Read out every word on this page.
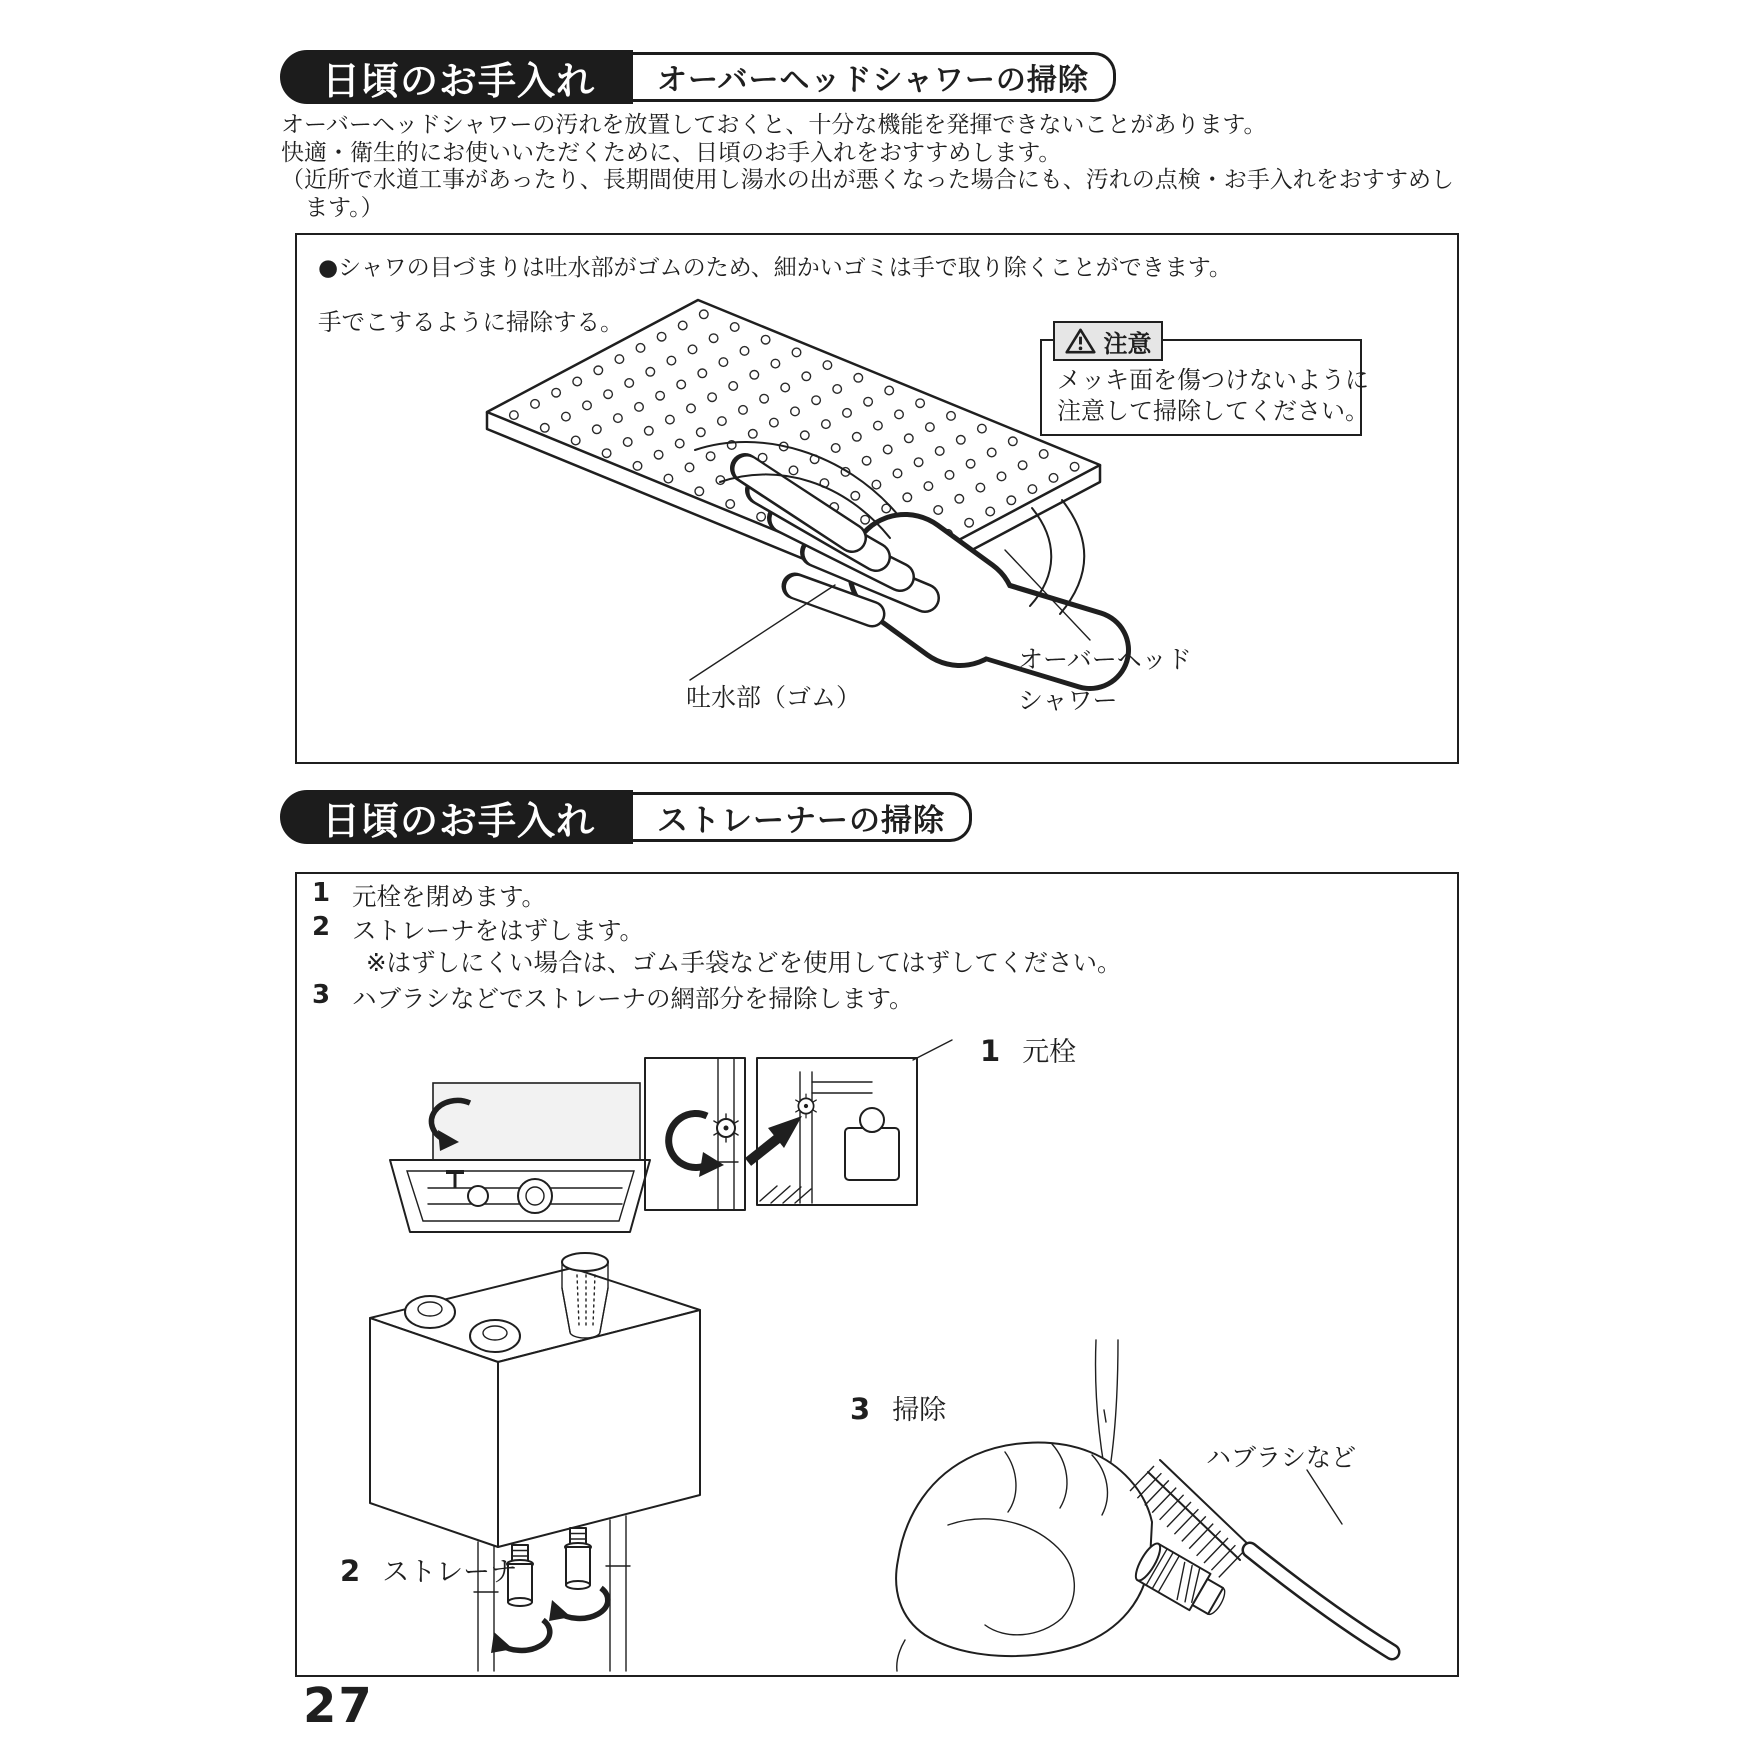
日頃のお手入れ	オーバーヘッドシャワーの掃除
オーバーヘッドシャワーの汚れを放置しておくと、十分な機能を発揮できないことがあります。
快適・衛生的にお使いいただくために、日頃のお手入れをおすすめします。
（近所で水道工事があったり、長期間使用し湯水の出が悪くなった場合にも、汚れの点検・お手入れをおすすめし
ます。）
●シャワの目づまりは吐水部がゴムのため、細かいゴミは手で取り除くことができます。
手でこするように掃除する。
メッキ面を傷つけないように
注意して掃除してください。
注意
吐水部（ゴム）
オーバーヘッド
シャワー
日頃のお手入れ	ストレーナーの掃除
1 元栓を閉めます。
2 ストレーナをはずします。
※はずしにくい場合は、ゴム手袋などを使用してはずしてください。
3 ハブラシなどでストレーナの網部分を掃除します。
1 元栓
3 掃除
2 ストレーナ
ハブラシなど
27
